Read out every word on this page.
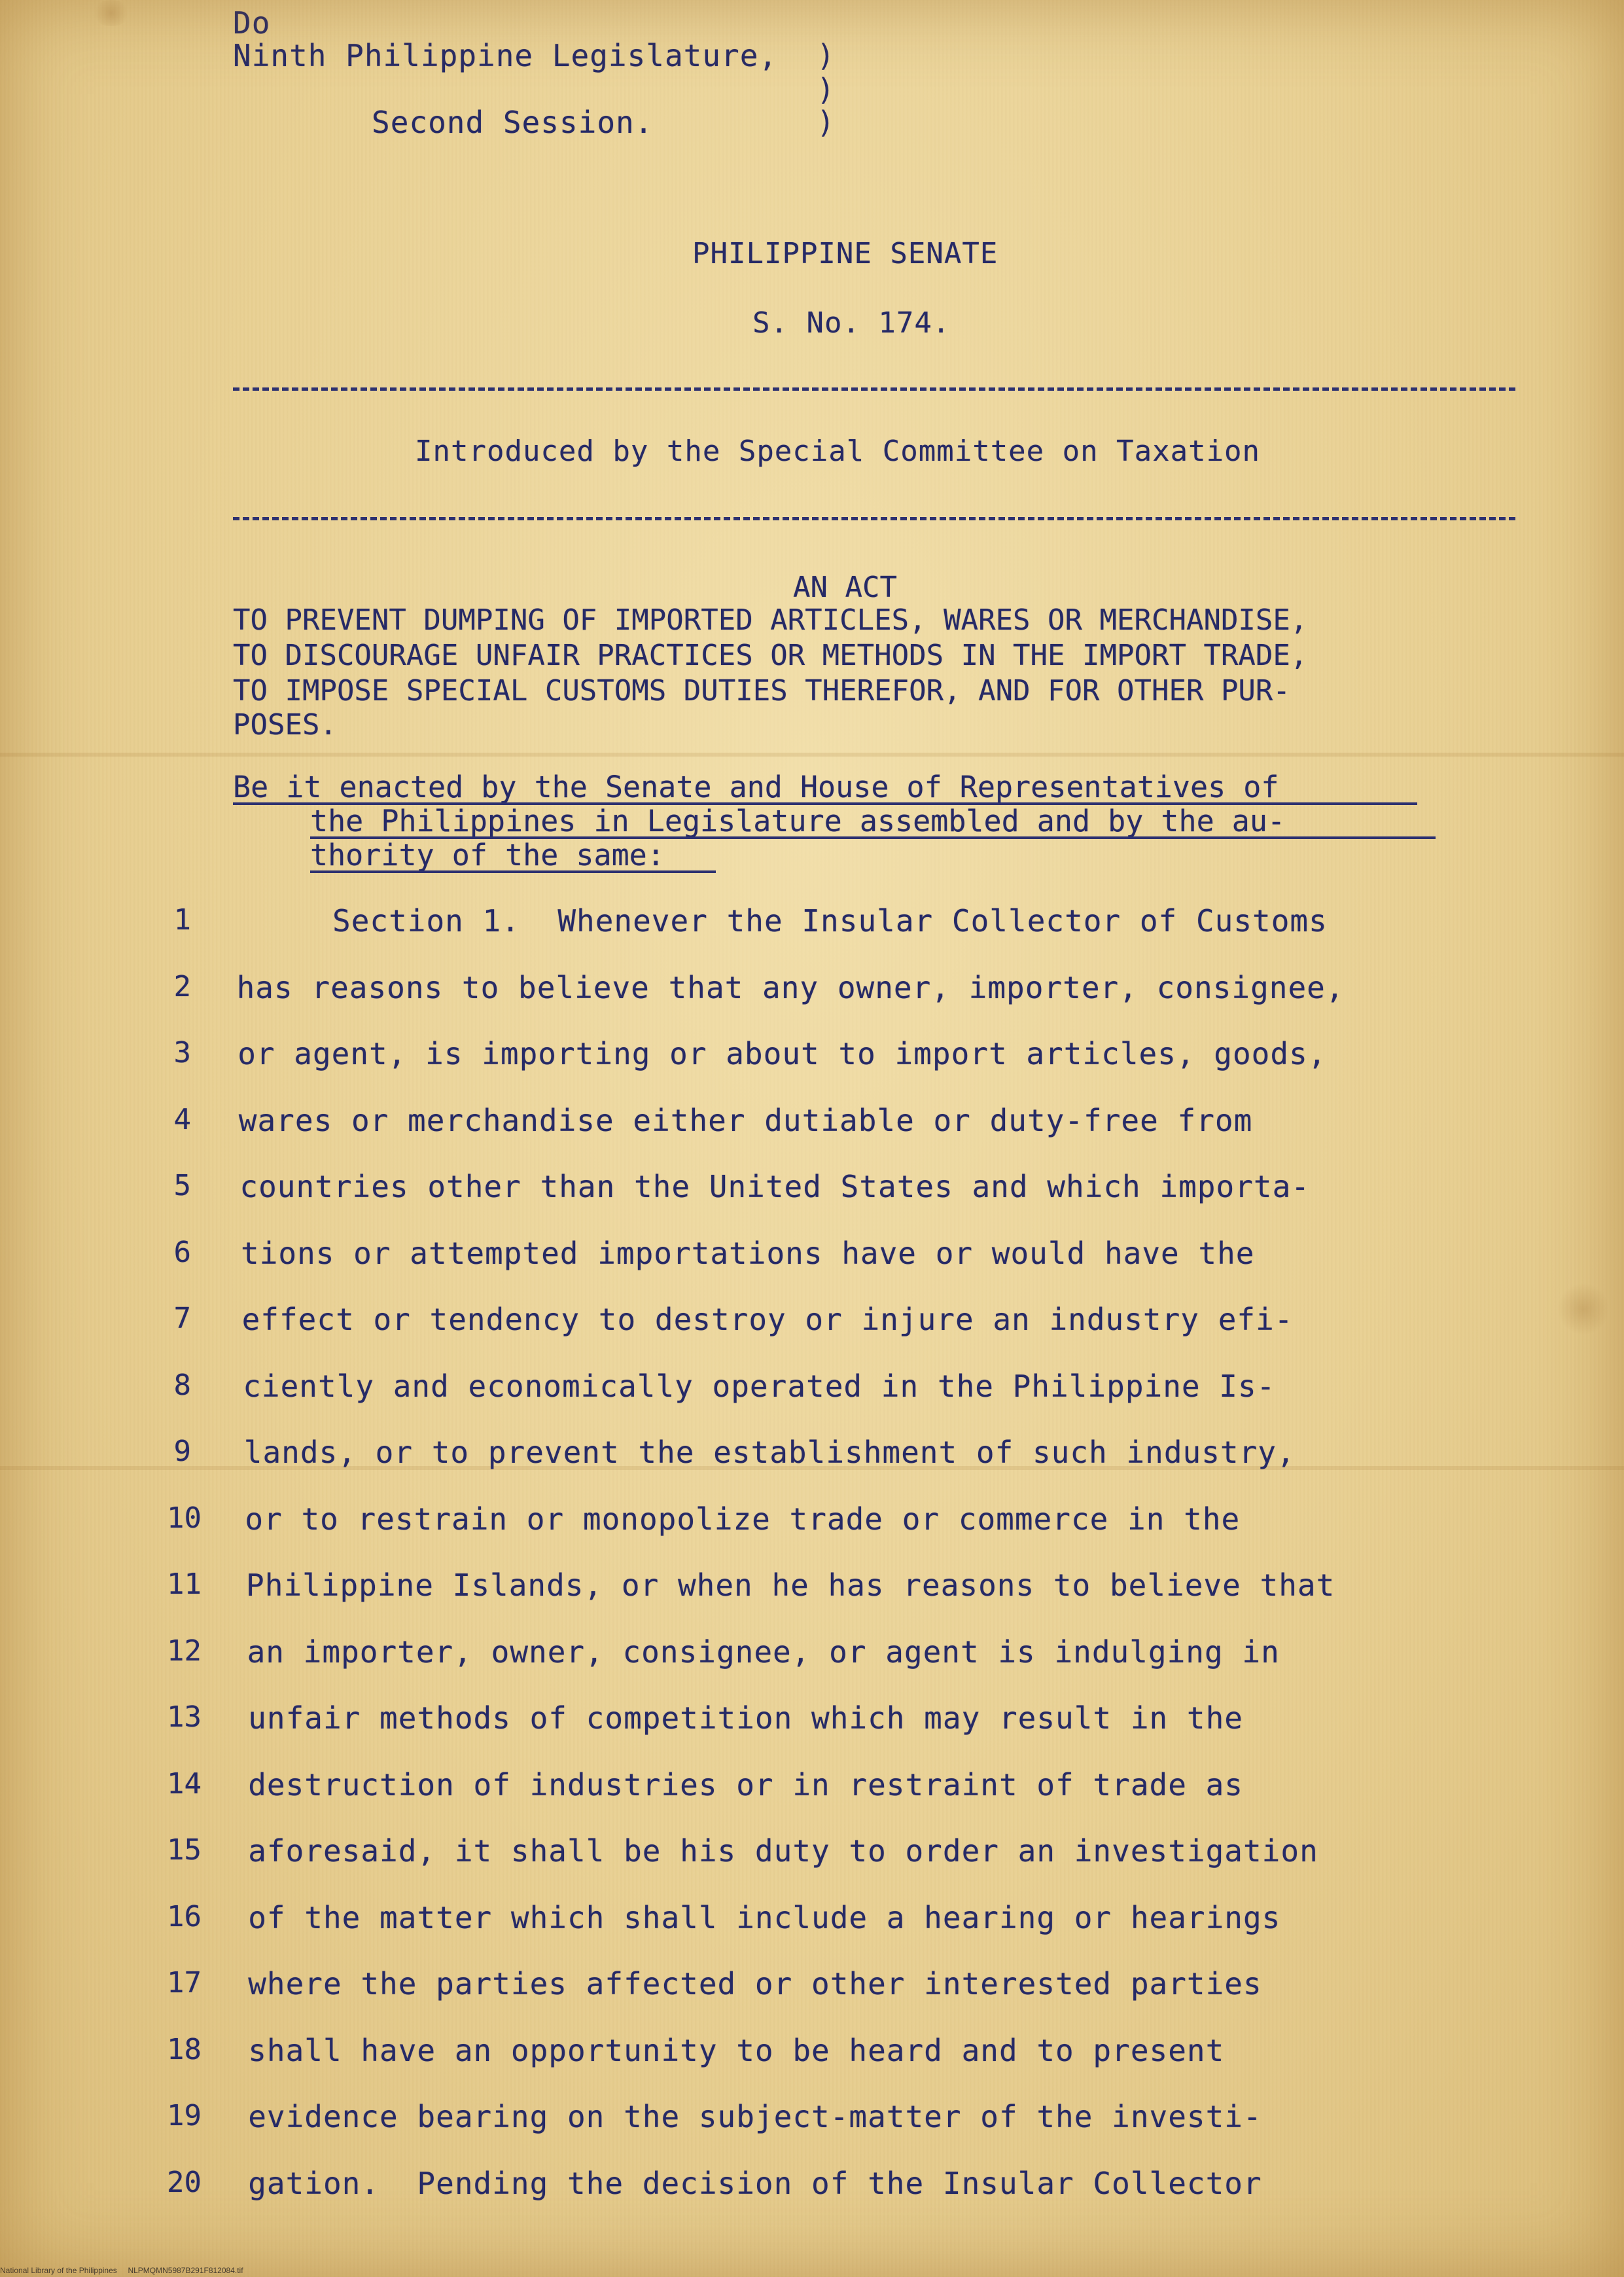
Do
Ninth Philippine Legislature,
Second Session.
)
)
)
PHILIPPINE SENATE
S. No. 174.
Introduced by the Special Committee on Taxation
AN ACT
TO PREVENT DUMPING OF IMPORTED ARTICLES, WARES OR MERCHANDISE,
TO DISCOURAGE UNFAIR PRACTICES OR METHODS IN THE IMPORT TRADE,
TO IMPOSE SPECIAL CUSTOMS DUTIES THEREFOR, AND FOR OTHER PUR-
POSES.
Be it enacted by the Senate and House of Representatives of
the Philippines in Legislature assembled and by the au-
thority of the same:
1	Section 1.  Whenever the Insular Collector of Customs
2 has reasons to believe that any owner, importer, consignee,
3 or agent, is importing or about to import articles, goods,
4 wares or merchandise either dutiable or duty-free from
5 countries other than the United States and which importa-
6 tions or attempted importations have or would have the
7 effect or tendency to destroy or injure an industry efi-
8 ciently and economically operated in the Philippine Is-
9 lands, or to prevent the establishment of such industry,
10 or to restrain or monopolize trade or commerce in the
11 Philippine Islands, or when he has reasons to believe that
12 an importer, owner, consignee, or agent is indulging in
13 unfair methods of competition which may result in the
14 destruction of industries or in restraint of trade as
15 aforesaid, it shall be his duty to order an investigation
16 of the matter which shall include a hearing or hearings
17 where the parties affected or other interested parties
18 shall have an opportunity to be heard and to present
19 evidence bearing on the subject-matter of the investi-
20 gation.  Pending the decision of the Insular Collector
National Library of the Philippines     NLPMQMN5987B291F812084.tif
